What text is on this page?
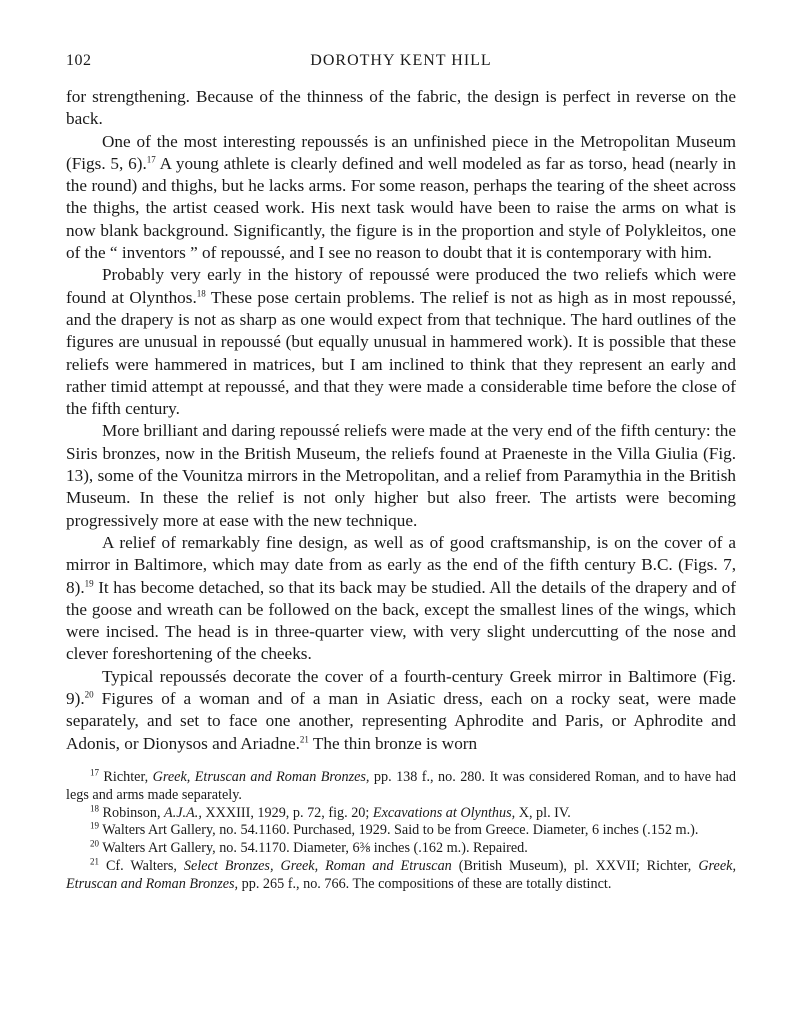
102	DOROTHY KENT HILL

for strengthening. Because of the thinness of the fabric, the design is perfect in reverse on the back.

One of the most interesting repoussés is an unfinished piece in the Metropolitan Museum (Figs. 5, 6).$^{17}$ A young athlete is clearly defined and well modeled as far as torso, head (nearly in the round) and thighs, but he lacks arms. For some reason, perhaps the tearing of the sheet across the thighs, the artist ceased work. His next task would have been to raise the arms on what is now blank background. Significantly, the figure is in the proportion and style of Polykleitos, one of the “ inventors ” of repoussé, and I see no reason to doubt that it is contemporary with him.

Probably very early in the history of repoussé were produced the two reliefs which were found at Olynthos.$^{18}$ These pose certain problems. The relief is not as high as in most repoussé, and the drapery is not as sharp as one would expect from that technique. The hard outlines of the figures are unusual in repoussé (but equally unusual in hammered work). It is possible that these reliefs were hammered in matrices, but I am inclined to think that they represent an early and rather timid attempt at repoussé, and that they were made a considerable time before the close of the fifth century.

More brilliant and daring repoussé reliefs were made at the very end of the fifth century: the Siris bronzes, now in the British Museum, the reliefs found at Praeneste in the Villa Giulia (Fig. 13), some of the Vounitza mirrors in the Metropolitan, and a relief from Paramythia in the British Museum. In these the relief is not only higher but also freer. The artists were becoming progressively more at ease with the new technique.

A relief of remarkably fine design, as well as of good craftsmanship, is on the cover of a mirror in Baltimore, which may date from as early as the end of the fifth century B.C. (Figs. 7, 8).$^{19}$ It has become detached, so that its back may be studied. All the details of the drapery and of the goose and wreath can be followed on the back, except the smallest lines of the wings, which were incised. The head is in three-quarter view, with very slight undercutting of the nose and clever foreshortening of the cheeks.

Typical repoussés decorate the cover of a fourth-century Greek mirror in Baltimore (Fig. 9).$^{20}$ Figures of a woman and of a man in Asiatic dress, each on a rocky seat, were made separately, and set to face one another, representing Aphrodite and Paris, or Aphrodite and Adonis, or Dionysos and Ariadne.$^{21}$ The thin bronze is worn

$^{17}$ Richter, Greek, Etruscan and Roman Bronzes, pp. 138 f., no. 280. It was considered Roman, and to have had legs and arms made separately.

$^{18}$ Robinson, A.J.A., XXXIII, 1929, p. 72, fig. 20; Excavations at Olynthus, X, pl. IV.

$^{19}$ Walters Art Gallery, no. 54.1160. Purchased, 1929. Said to be from Greece. Diameter, 6 inches (.152 m.).

$^{20}$ Walters Art Gallery, no. 54.1170. Diameter, 6⅜ inches (.162 m.). Repaired.

$^{21}$ Cf. Walters, Select Bronzes, Greek, Roman and Etruscan (British Museum), pl. XXVII; Richter, Greek, Etruscan and Roman Bronzes, pp. 265 f., no. 766. The compositions of these are totally distinct.
